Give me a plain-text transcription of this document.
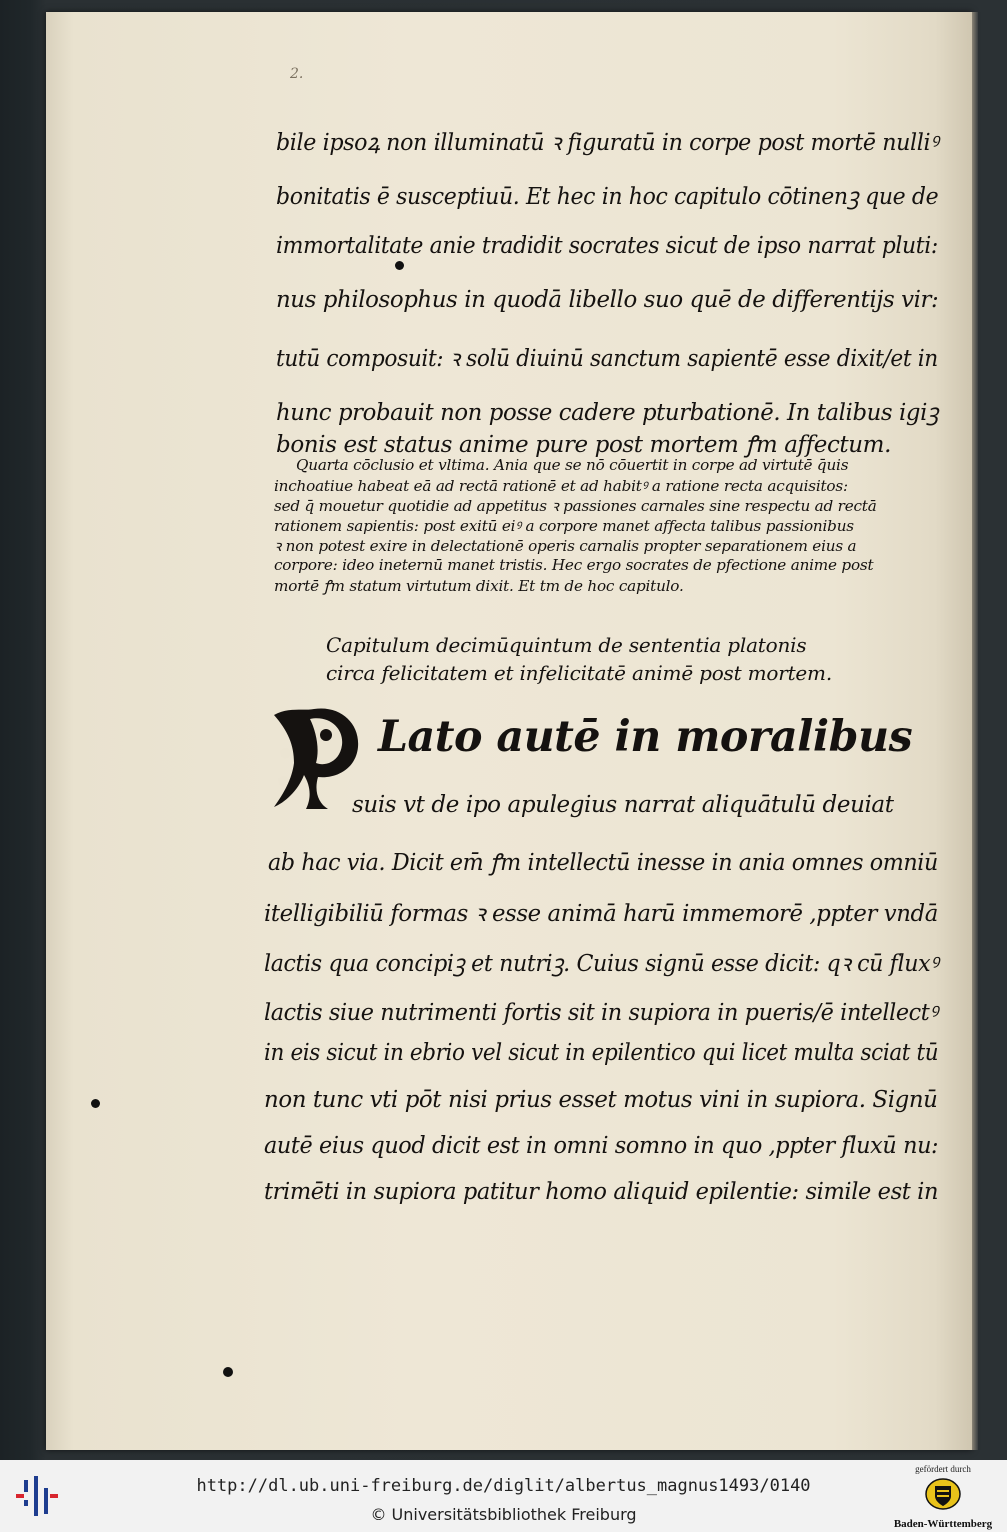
2.
bile ipsoꝝ non illuminatū ꝛ figuratū in corpe post mortē nulliꝰ
bonitatis ē susceptiuū. Et hec in hoc capitulo cōtinenꝫ que de
immortalitate anie tradidit socrates sicut de ipso narrat pluti:
nus philosophus in quodā libello suo quē de differentijs vir:
tutū composuit: ꝛ solū diuinū sanctum sapientē esse dixit/et in
hunc probauit non posse cadere pturbationē. In talibus igiꝫ
bonis est status anime pure post mortem ꝭm affectum.
Quarta cōclusio et vltima. Ania que se nō cōuertit in corpe ad virtutē q̄uis
inchoatiue habeat eā ad rectā rationē et ad habitꝰ a ratione recta acquisitos:
sed q̄ mouetur quotidie ad appetitus ꝛ passiones carnales sine respectu ad rectā
rationem sapientis: post exitū eiꝰ a corpore manet affecta talibus passionibus
ꝛ non potest exire in delectationē operis carnalis propter separationem eius a
corpore: ideo ineternū manet tristis. Hec ergo socrates de pfectione anime post
mortē ꝭm statum virtutum dixit. Et tm de hoc capitulo.
Capitulum decimūquintum de sententia platonis
circa felicitatem et infelicitatē animē post mortem.
Lato autē in moralibus
suis vt de ipo apulegius narrat aliquātulū deuiat
ab hac via. Dicit em̄ ꝭm intellectū inesse in ania omnes omniū
itelligibiliū formas ꝛ esse animā harū immemorē ,ppter vndā
lactis qua concipiꝫ et nutriꝫ. Cuius signū esse dicit: qꝛ cū fluxꝰ
lactis siue nutrimenti fortis sit in supiora in pueris/ē intellectꝰ
in eis sicut in ebrio vel sicut in epilentico qui licet multa sciat tū
non tunc vti pōt nisi prius esset motus vini in supiora. Signū
autē eius quod dicit est in omni somno in quo ,ppter fluxū nu:
trimēti in supiora patitur homo aliquid epilentie: simile est in
http://dl.ub.uni-freiburg.de/diglit/albertus_magnus1493/0140
© Universitätsbibliothek Freiburg
gefördert durch
Baden-Württemberg
